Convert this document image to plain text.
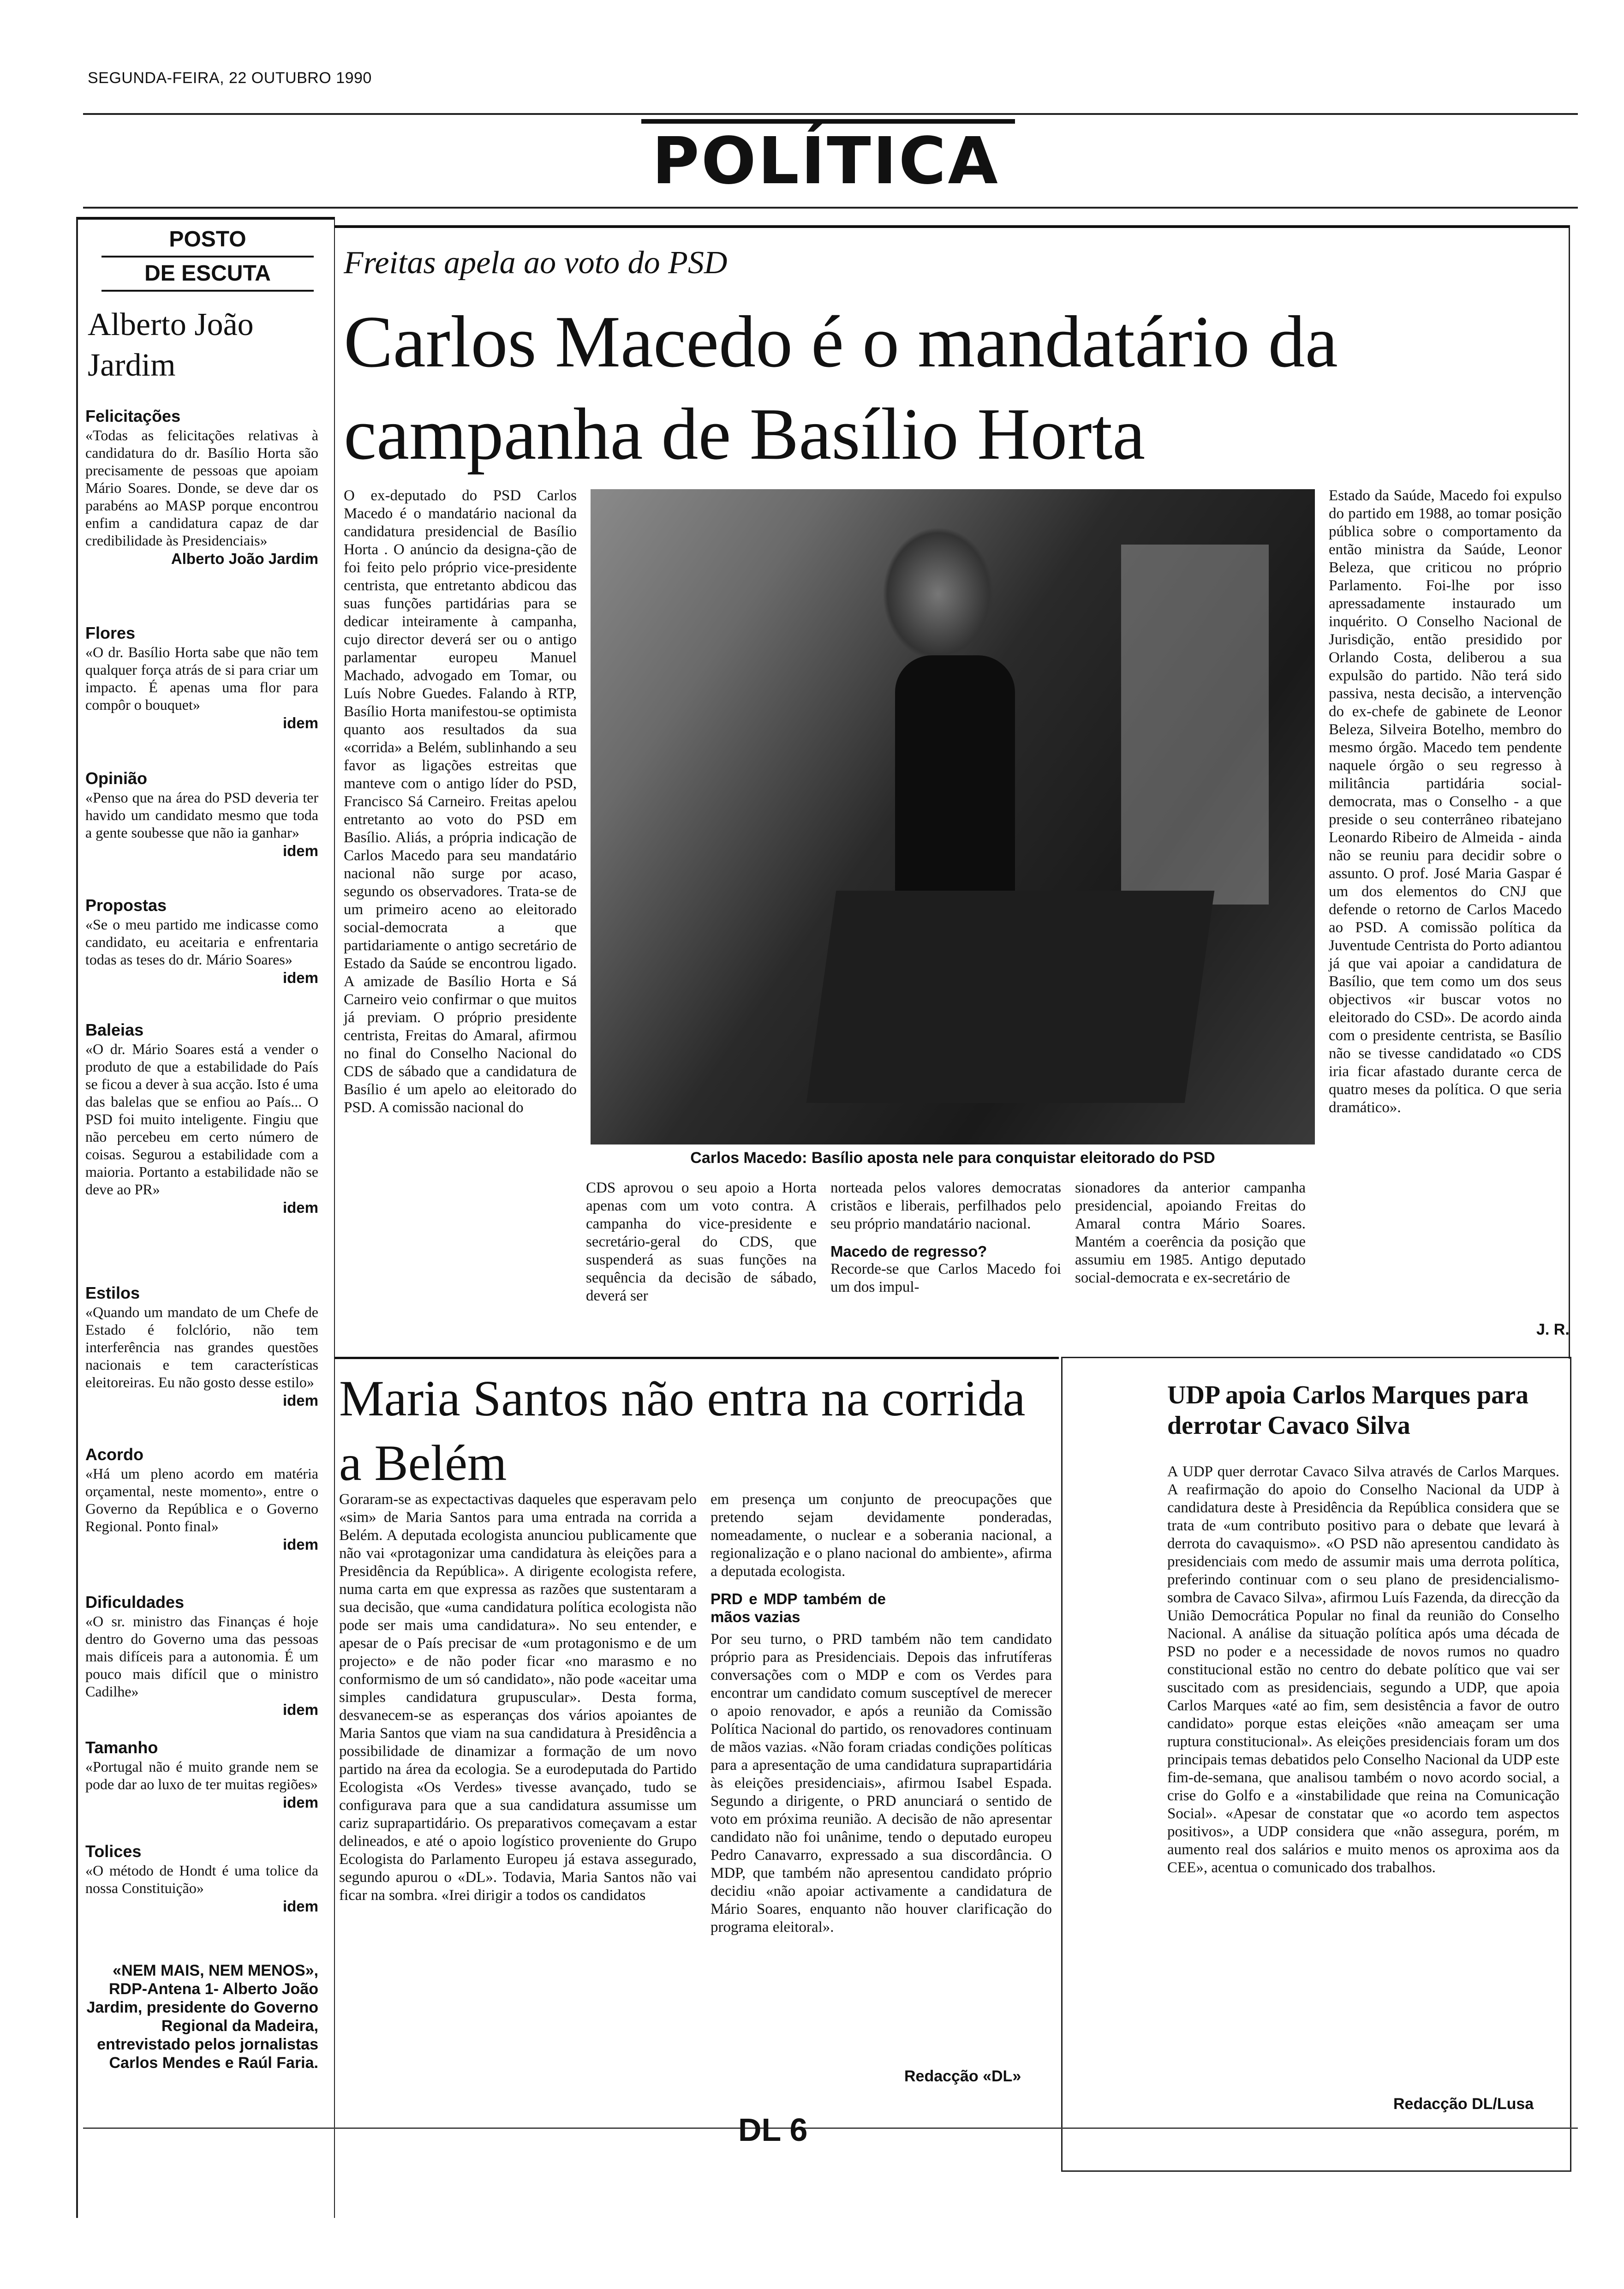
SEGUNDA-FEIRA, 22 OUTUBRO 1990
POLÍTICA
POSTO
DE ESCUTA
Alberto João Jardim
Felicitações
«Todas as felicitações relativas à candidatura do dr. Basílio Horta são precisamente de pessoas que apoiam Mário Soares. Donde, se deve dar os parabéns ao MASP porque encontrou enfim a candidatura capaz de dar credibilidade às Presidenciais»
Alberto João Jardim
Flores
«O dr. Basílio Horta sabe que não tem qualquer força atrás de si para criar um impacto. É apenas uma flor para compôr o bouquet»
idem
Opinião
«Penso que na área do PSD deveria ter havido um candidato mesmo que toda a gente soubesse que não ia ganhar»
idem
Propostas
«Se o meu partido me indicasse como candidato, eu aceitaria e enfrentaria todas as teses do dr. Mário Soares»
idem
Baleias
«O dr. Mário Soares está a vender o produto de que a estabilidade do País se ficou a dever à sua acção. Isto é uma das balelas que se enfiou ao País... O PSD foi muito inteligente. Fingiu que não percebeu em certo número de coisas. Segurou a estabilidade com a maioria. Portanto a estabilidade não se deve ao PR»
idem
Estilos
«Quando um mandato de um Chefe de Estado é folclório, não tem interferência nas grandes questões nacionais e tem características eleitoreiras. Eu não gosto desse estilo»
idem
Acordo
«Há um pleno acordo em matéria orçamental, neste momento», entre o Governo da República e o Governo Regional. Ponto final»
idem
Dificuldades
«O sr. ministro das Finanças é hoje dentro do Governo uma das pessoas mais difíceis para a autonomia. É um pouco mais difícil que o ministro Cadilhe»
idem
Tamanho
«Portugal não é muito grande nem se pode dar ao luxo de ter muitas regiões»
idem
Tolices
«O método de Hondt é uma tolice da nossa Constituição»
idem
«NEM MAIS, NEM MENOS», RDP-Antena 1- Alberto João Jardim, presidente do Governo Regional da Madeira, entrevistado pelos jornalistas Carlos Mendes e Raúl Faria.
Freitas apela ao voto do PSD
Carlos Macedo é o mandatário da campanha de Basílio Horta
O ex-deputado do PSD Carlos Macedo é o mandatário nacional da candidatura presidencial de Basílio Horta . O anúncio da designa-ção de foi feito pelo próprio vice-presidente centrista, que entretanto abdicou das suas funções partidárias para se dedicar inteiramente à campanha, cujo director deverá ser ou o antigo parlamentar europeu Manuel Machado, advogado em Tomar, ou Luís Nobre Guedes. Falando à RTP, Basílio Horta manifestou-se optimista quanto aos resultados da sua «corrida» a Belém, sublinhando a seu favor as ligações estreitas que manteve com o antigo líder do PSD, Francisco Sá Carneiro. Freitas apelou entretanto ao voto do PSD em Basílio. Aliás, a própria indicação de Carlos Macedo para seu mandatário nacional não surge por acaso, segundo os observadores. Trata-se de um primeiro aceno ao eleitorado social-democrata a que partidariamente o antigo secretário de Estado da Saúde se encontrou ligado. A amizade de Basílio Horta e Sá Carneiro veio confirmar o que muitos já previam. O próprio presidente centrista, Freitas do Amaral, afirmou no final do Conselho Nacional do CDS de sábado que a candidatura de Basílio é um apelo ao eleitorado do PSD. A comissão nacional do
Carlos Macedo: Basílio aposta nele para conquistar eleitorado do PSD
CDS aprovou o seu apoio a Horta apenas com um voto contra. A campanha do vice-presidente e secretário-geral do CDS, que suspenderá as suas funções na sequência da decisão de sábado, deverá ser
norteada pelos valores democratas cristãos e liberais, perfilhados pelo seu próprio mandatário nacional.
Macedo de regresso?
Recorde-se que Carlos Macedo foi um dos impul-
sionadores da anterior campanha presidencial, apoiando Freitas do Amaral contra Mário Soares. Mantém a coerência da posição que assumiu em 1985. Antigo deputado social-democrata e ex-secretário de
Estado da Saúde, Macedo foi expulso do partido em 1988, ao tomar posição pública sobre o comportamento da então ministra da Saúde, Leonor Beleza, que criticou no próprio Parlamento. Foi-lhe por isso apressadamente instaurado um inquérito. O Conselho Nacional de Jurisdição, então presidido por Orlando Costa, deliberou a sua expulsão do partido. Não terá sido passiva, nesta decisão, a intervenção do ex-chefe de gabinete de Leonor Beleza, Silveira Botelho, membro do mesmo órgão. Macedo tem pendente naquele órgão o seu regresso à militância partidária social-democrata, mas o Conselho - a que preside o seu conterrâneo ribatejano Leonardo Ribeiro de Almeida - ainda não se reuniu para decidir sobre o assunto. O prof. José Maria Gaspar é um dos elementos do CNJ que defende o retorno de Carlos Macedo ao PSD. A comissão política da Juventude Centrista do Porto adiantou já que vai apoiar a candidatura de Basílio, que tem como um dos seus objectivos «ir buscar votos no eleitorado do CSD». De acordo ainda com o presidente centrista, se Basílio não se tivesse candidatado «o CDS iria ficar afastado durante cerca de quatro meses da política. O que seria dramático».
J. R.
Maria Santos não entra na corrida a Belém
Goraram-se as expectactivas daqueles que esperavam pelo «sim» de Maria Santos para uma entrada na corrida a Belém. A deputada ecologista anunciou publicamente que não vai «protagonizar uma candidatura às eleições para a Presidência da República». A dirigente ecologista refere, numa carta em que expressa as razões que sustentaram a sua decisão, que «uma candidatura política ecologista não pode ser mais uma candidatura». No seu entender, e apesar de o País precisar de «um protagonismo e de um projecto» e de não poder ficar «no marasmo e no conformismo de um só candidato», não pode «aceitar uma simples candidatura grupuscular». Desta forma, desvanecem-se as esperanças dos vários apoiantes de Maria Santos que viam na sua candidatura à Presidência a possibilidade de dinamizar a formação de um novo partido na área da ecologia. Se a eurodeputada do Partido Ecologista «Os Verdes» tivesse avançado, tudo se configurava para que a sua candidatura assumisse um cariz suprapartidário. Os preparativos começavam a estar delineados, e até o apoio logístico proveniente do Grupo Ecologista do Parlamento Europeu já estava assegurado, segundo apurou o «DL». Todavia, Maria Santos não vai ficar na sombra. «Irei dirigir a todos os candidatos
em presença um conjunto de preocupações que pretendo sejam devidamente ponderadas, nomeadamente, o nuclear e a soberania nacional, a regionalização e o plano nacional do ambiente», afirma a deputada ecologista.
PRD e MDP também de mãos vazias
Por seu turno, o PRD também não tem candidato próprio para as Presidenciais. Depois das infrutíferas conversações com o MDP e com os Verdes para encontrar um candidato comum susceptível de merecer o apoio renovador, e após a reunião da Comissão Política Nacional do partido, os renovadores continuam de mãos vazias. «Não foram criadas condições políticas para a apresentação de uma candidatura suprapartidária às eleições presidenciais», afirmou Isabel Espada. Segundo a dirigente, o PRD anunciará o sentido de voto em próxima reunião. A decisão de não apresentar candidato não foi unânime, tendo o deputado europeu Pedro Canavarro, expressado a sua discordância. O MDP, que também não apresentou candidato próprio decidiu «não apoiar activamente a candidatura de Mário Soares, enquanto não houver clarificação do programa eleitoral».
Redacção «DL»
UDP apoia Carlos Marques para derrotar Cavaco Silva
A UDP quer derrotar Cavaco Silva através de Carlos Marques. A reafirmação do apoio do Conselho Nacional da UDP à candidatura deste à Presidência da República considera que se trata de «um contributo positivo para o debate que levará à derrota do cavaquismo». «O PSD não apresentou candidato às presidenciais com medo de assumir mais uma derrota política, preferindo continuar com o seu plano de presidencialismo-sombra de Cavaco Silva», afirmou Luís Fazenda, da direcção da União Democrática Popular no final da reunião do Conselho Nacional. A análise da situação política após uma década de PSD no poder e a necessidade de novos rumos no quadro constitucional estão no centro do debate político que vai ser suscitado com as presidenciais, segundo a UDP, que apoia Carlos Marques «até ao fim, sem desistência a favor de outro candidato» porque estas eleições «não ameaçam ser uma ruptura constitucional». As eleições presidenciais foram um dos principais temas debatidos pelo Conselho Nacional da UDP este fim-de-semana, que analisou também o novo acordo social, a crise do Golfo e a «instabilidade que reina na Comunicação Social». «Apesar de constatar que «o acordo tem aspectos positivos», a UDP considera que «não assegura, porém, m aumento real dos salários e muito menos os aproxima aos da CEE», acentua o comunicado dos trabalhos.
Redacção DL/Lusa
DL 6
